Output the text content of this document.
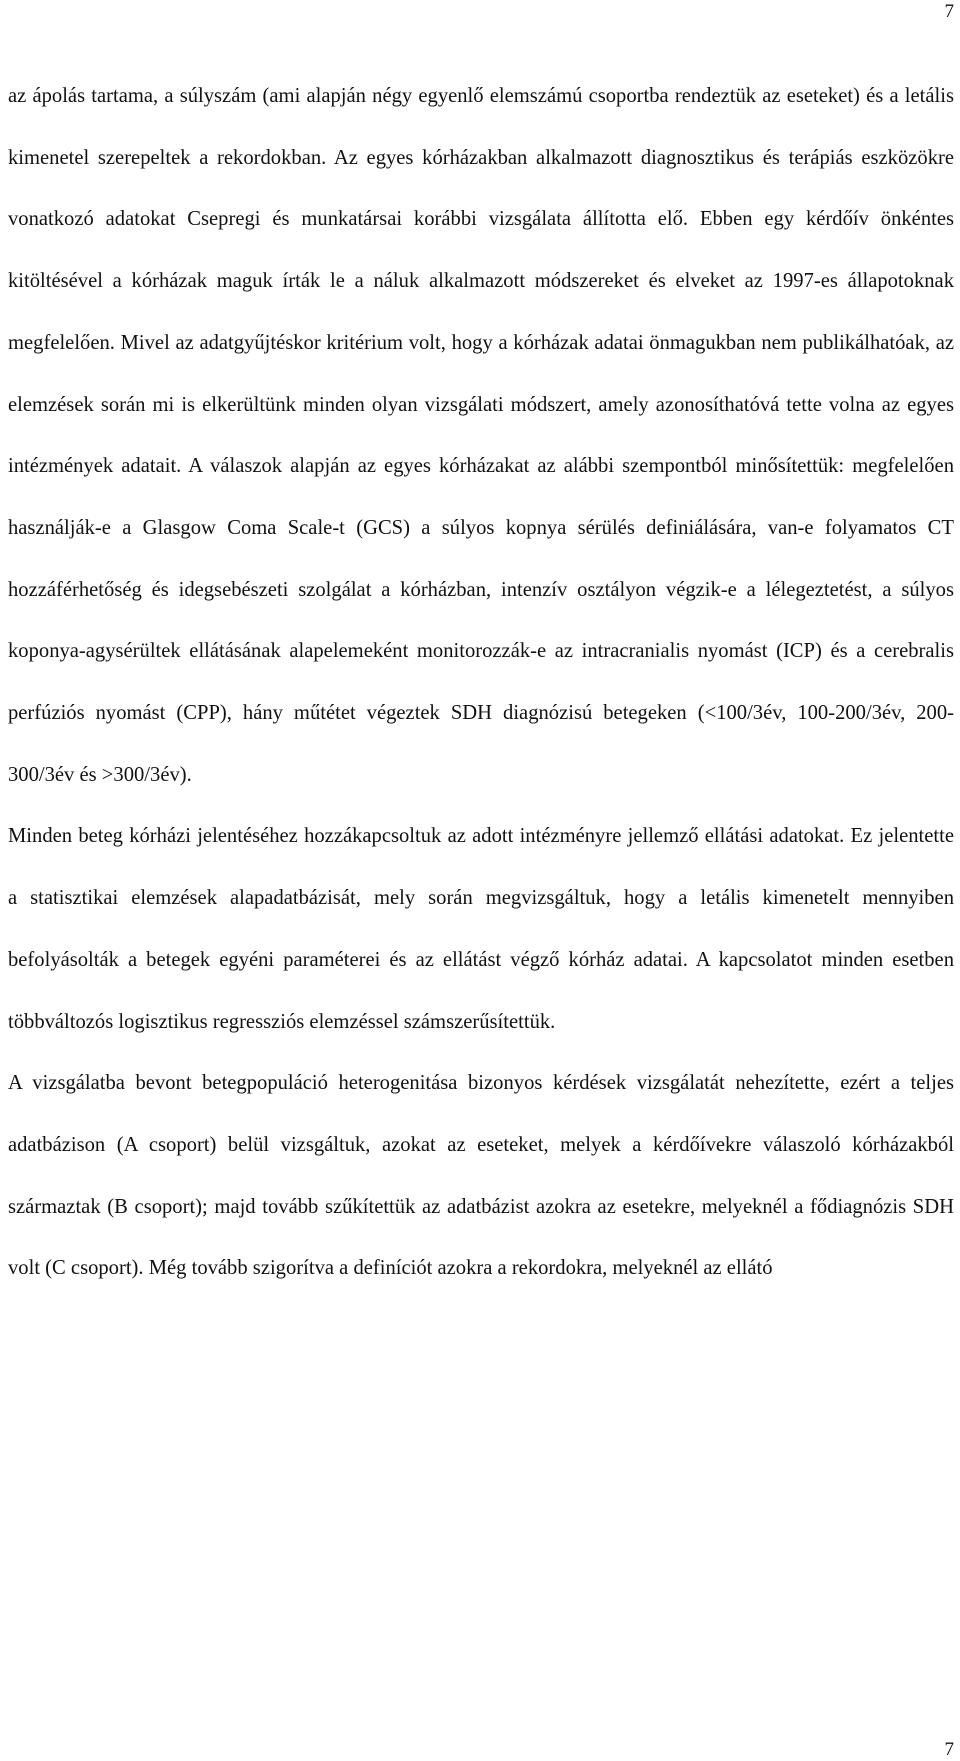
7

az ápolás tartama, a súlyszám (ami alapján négy egyenlő elemszámú csoportba rendeztük az eseteket) és a letális kimenetel szerepeltek a rekordokban. Az egyes kórházakban alkalmazott diagnosztikus és terápiás eszközökre vonatkozó adatokat Csepregi és munkatársai korábbi vizsgálata állította elő. Ebben egy kérdőív önkéntes kitöltésével a kórházak maguk írták le a náluk alkalmazott módszereket és elveket az 1997-es állapotoknak megfelelően. Mivel az adatgyűjtéskor kritérium volt, hogy a kórházak adatai önmagukban nem publikálhatóak, az elemzések során mi is elkerültünk minden olyan vizsgálati módszert, amely azonosíthatóvá tette volna az egyes intézmények adatait. A válaszok alapján az egyes kórházakat az alábbi szempontból minősítettük: megfelelően használják-e a Glasgow Coma Scale-t (GCS) a súlyos kopnya sérülés definiálására, van-e folyamatos CT hozzáférhetőség és idegsebészeti szolgálat a kórházban, intenzív osztályon végzik-e a lélegeztetést, a súlyos koponya-agysérültek ellátásának alapelemeként monitorozzák-e az intracranialis nyomást (ICP) és a cerebralis perfúziós nyomást (CPP), hány műtétet végeztek SDH diagnózisú betegeken (<100/3év, 100-200/3év, 200-300/3év és >300/3év).

Minden beteg kórházi jelentéséhez hozzákapcsoltuk az adott intézményre jellemző ellátási adatokat. Ez jelentette a statisztikai elemzések alapadatbázisát, mely során megvizsgáltuk, hogy a letális kimenetelt mennyiben befolyásolták a betegek egyéni paraméterei és az ellátást végző kórház adatai. A kapcsolatot minden esetben többváltozós logisztikus regressziós elemzéssel számszerűsítettük.

A vizsgálatba bevont betegpopuláció heterogenitása bizonyos kérdések vizsgálatát nehezítette, ezért a teljes adatbázison (A csoport) belül vizsgáltuk, azokat az eseteket, melyek a kérdőívekre válaszoló kórházakból származtak (B csoport); majd tovább szűkítettük az adatbázist azokra az esetekre, melyeknél a fődiagnózis SDH volt (C csoport). Még tovább szigorítva a definíciót azokra a rekordokra, melyeknél az ellátó

7
